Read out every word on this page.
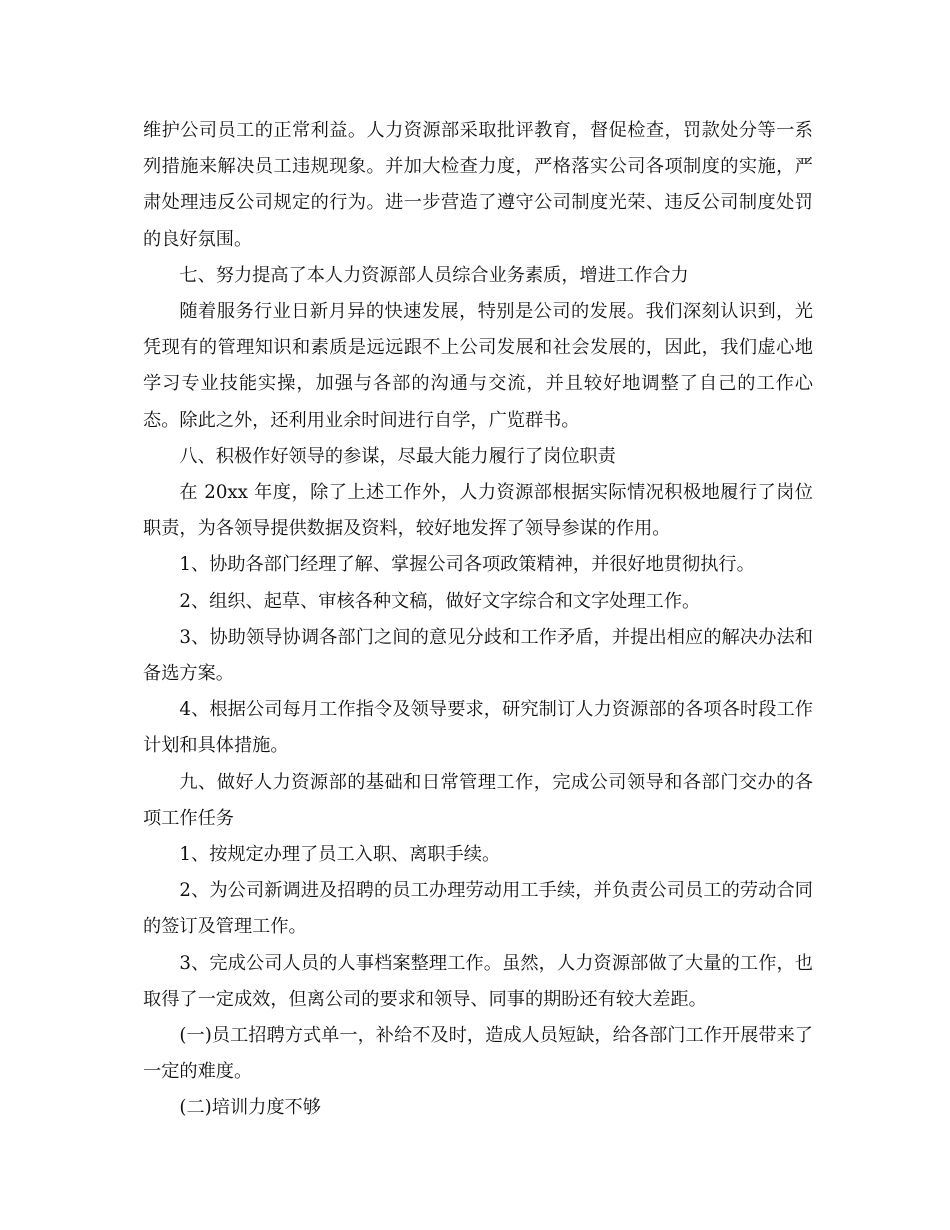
维护公司员工的正常利益。人力资源部采取批评教育，督促检查，罚款处分等一系列措施来解决员工违规现象。并加大检查力度，严格落实公司各项制度的实施，严肃处理违反公司规定的行为。进一步营造了遵守公司制度光荣、违反公司制度处罚的良好氛围。

七、努力提高了本人力资源部人员综合业务素质，增进工作合力

随着服务行业日新月异的快速发展，特别是公司的发展。我们深刻认识到，光凭现有的管理知识和素质是远远跟不上公司发展和社会发展的，因此，我们虚心地学习专业技能实操，加强与各部的沟通与交流，并且较好地调整了自己的工作心态。除此之外，还利用业余时间进行自学，广览群书。

八、积极作好领导的参谋，尽最大能力履行了岗位职责

在 20xx 年度，除了上述工作外，人力资源部根据实际情况积极地履行了岗位职责，为各领导提供数据及资料，较好地发挥了领导参谋的作用。

1、协助各部门经理了解、掌握公司各项政策精神，并很好地贯彻执行。

2、组织、起草、审核各种文稿，做好文字综合和文字处理工作。

3、协助领导协调各部门之间的意见分歧和工作矛盾，并提出相应的解决办法和备选方案。

4、根据公司每月工作指令及领导要求，研究制订人力资源部的各项各时段工作计划和具体措施。

九、做好人力资源部的基础和日常管理工作，完成公司领导和各部门交办的各项工作任务

1、按规定办理了员工入职、离职手续。

2、为公司新调进及招聘的员工办理劳动用工手续，并负责公司员工的劳动合同的签订及管理工作。

3、完成公司人员的人事档案整理工作。虽然，人力资源部做了大量的工作，也取得了一定成效，但离公司的要求和领导、同事的期盼还有较大差距。

(一)员工招聘方式单一，补给不及时，造成人员短缺，给各部门工作开展带来了一定的难度。

(二)培训力度不够
